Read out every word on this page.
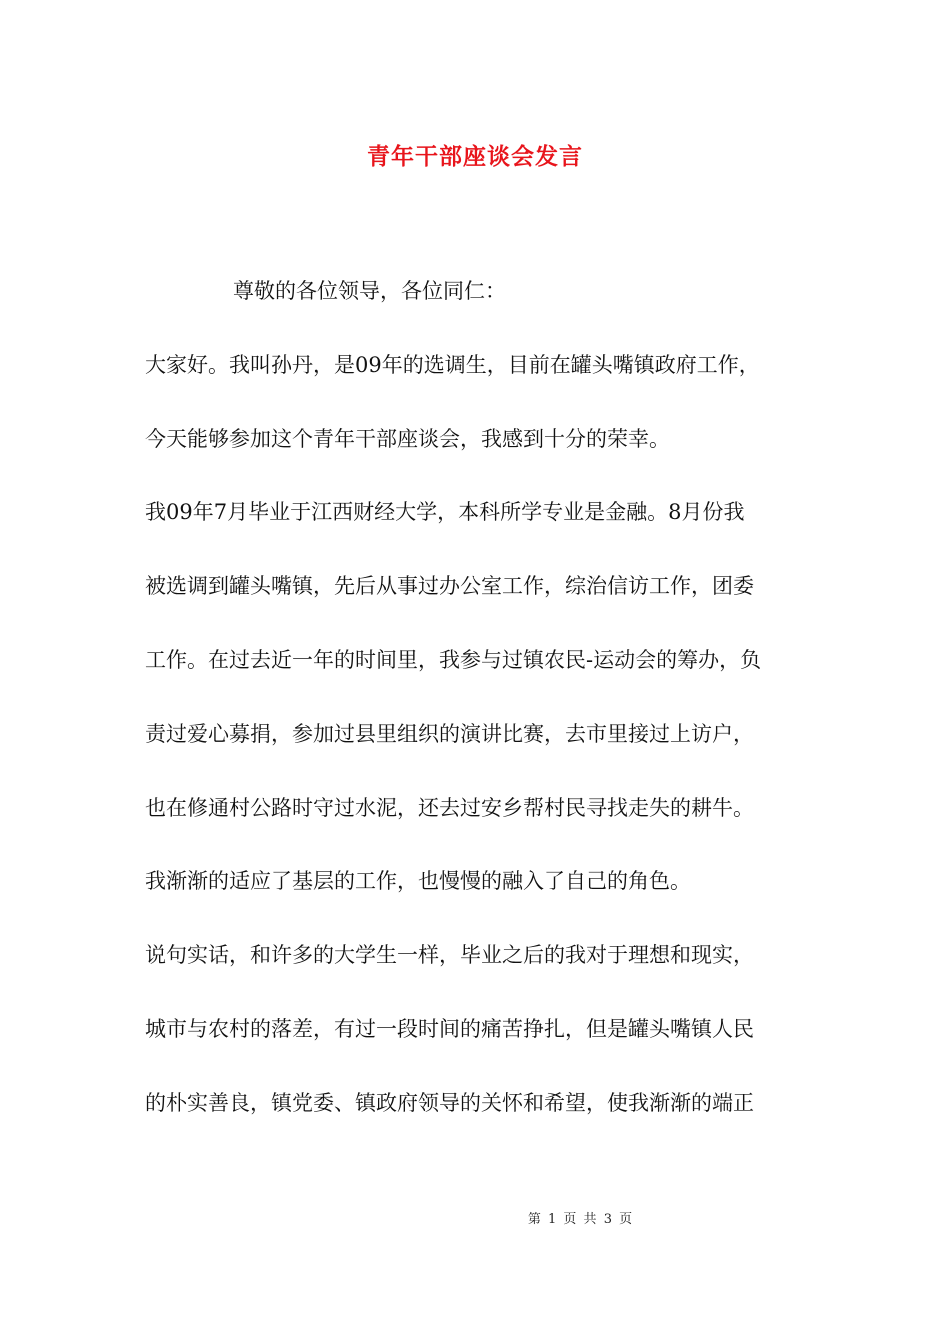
青年干部座谈会发言
尊敬的各位领导，各位同仁：
大家好。我叫孙丹，是09年的选调生，目前在罐头嘴镇政府工作，
今天能够参加这个青年干部座谈会，我感到十分的荣幸。
我09年7月毕业于江西财经大学，本科所学专业是金融。8月份我
被选调到罐头嘴镇，先后从事过办公室工作，综治信访工作，团委
工作。在过去近一年的时间里，我参与过镇农民-运动会的筹办，负
责过爱心募捐，参加过县里组织的演讲比赛，去市里接过上访户，
也在修通村公路时守过水泥，还去过安乡帮村民寻找走失的耕牛。
我渐渐的适应了基层的工作，也慢慢的融入了自己的角色。
说句实话，和许多的大学生一样，毕业之后的我对于理想和现实，
城市与农村的落差，有过一段时间的痛苦挣扎，但是罐头嘴镇人民
的朴实善良，镇党委、镇政府领导的关怀和希望，使我渐渐的端正
第 1 页 共 3 页
